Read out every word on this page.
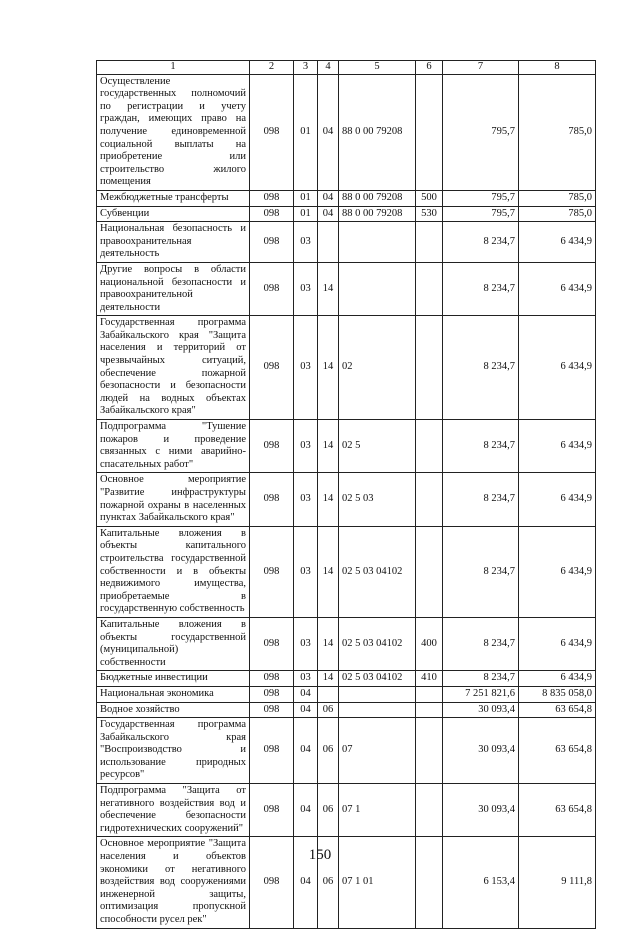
1	2	3	4	5	6	7	8
Осуществление государственных полномочий по регистрации и учету граждан, имеющих право на получение единовременной социальной выплаты на приобретение или строительство жилого помещения	098	01	04	88 0 00 79208		795,7	785,0
Межбюджетные трансферты	098	01	04	88 0 00 79208	500	795,7	785,0
Субвенции	098	01	04	88 0 00 79208	530	795,7	785,0
Национальная безопасность и правоохранительная деятельность	098	03				8 234,7	6 434,9
Другие вопросы в области национальной безопасности и правоохранительной деятельности	098	03	14			8 234,7	6 434,9
Государственная программа Забайкальского края "Защита населения и территорий от чрезвычайных ситуаций, обеспечение пожарной безопасности и безопасности людей на водных объектах Забайкальского края"	098	03	14	02		8 234,7	6 434,9
Подпрограмма "Тушение пожаров и проведение связанных с ними аварийно-спасательных работ"	098	03	14	02 5		8 234,7	6 434,9
Основное мероприятие "Развитие инфраструктуры пожарной охраны в населенных пунктах Забайкальского края"	098	03	14	02 5 03		8 234,7	6 434,9
Капитальные вложения в объекты капитального строительства государственной собственности и в объекты недвижимого имущества, приобретаемые в государственную собственность	098	03	14	02 5 03 04102		8 234,7	6 434,9
Капитальные вложения в объекты государственной (муниципальной) собственности	098	03	14	02 5 03 04102	400	8 234,7	6 434,9
Бюджетные инвестиции	098	03	14	02 5 03 04102	410	8 234,7	6 434,9
Национальная экономика	098	04				7 251 821,6	8 835 058,0
Водное хозяйство	098	04	06			30 093,4	63 654,8
Государственная программа Забайкальского края "Воспроизводство и использование природных ресурсов"	098	04	06	07		30 093,4	63 654,8
Подпрограмма "Защита от негативного воздействия вод и обеспечение безопасности гидротехнических сооружений"	098	04	06	07 1		30 093,4	63 654,8
Основное мероприятие "Защита населения и объектов экономики от негативного воздействия вод сооружениями инженерной защиты, оптимизация пропускной способности русел рек"	098	04	06	07 1 01		6 153,4	9 111,8
150
